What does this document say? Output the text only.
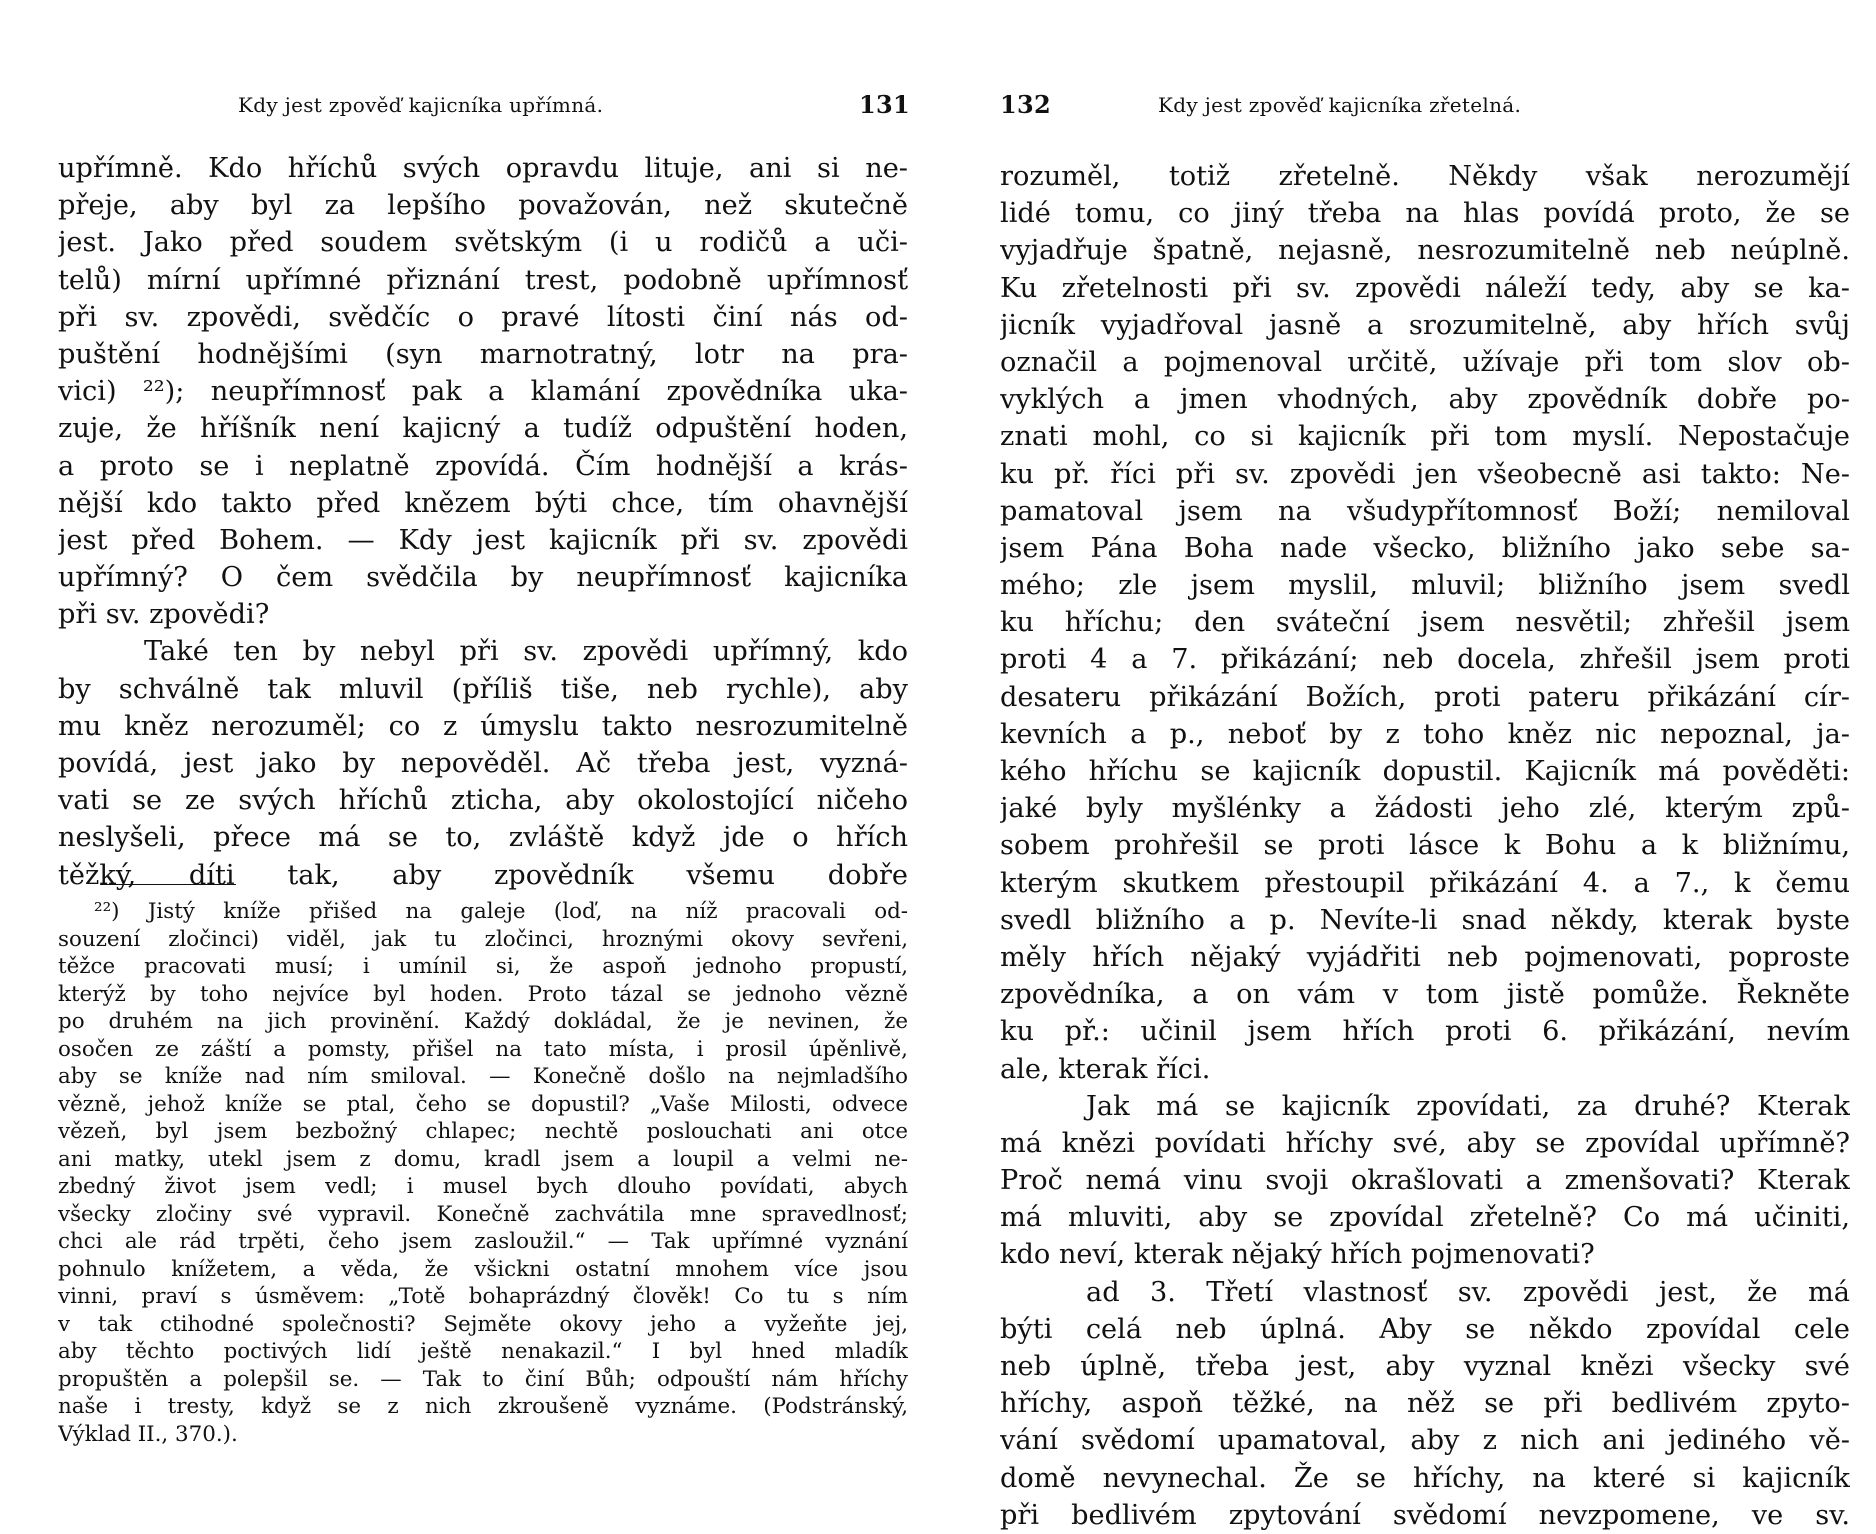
Kdy jest zpověď kajicníka upřímná.	131
upřímně. Kdo hříchů svých opravdu lituje, ani si ne-
přeje, aby byl za lepšího považován, než skutečně
jest. Jako před soudem světským (i u rodičů a uči-
telů) mírní upřímné přiznání trest, podobně upřímnosť
při sv. zpovědi, svědčíc o pravé lítosti činí nás od-
puštění hodnějšími (syn marnotratný, lotr na pra-
vici) ²²); neupřímnosť pak a klamání zpovědníka uka-
zuje, že hříšník není kajicný a tudíž odpuštění hoden,
a proto se i neplatně zpovídá. Čím hodnější a krás-
nější kdo takto před knězem býti chce, tím ohavnější
jest před Bohem. — Kdy jest kajicník při sv. zpovědi
upřímný? O čem svědčila by neupřímnosť kajicníka
při sv. zpovědi?
Také ten by nebyl při sv. zpovědi upřímný, kdo
by schválně tak mluvil (příliš tiše, neb rychle), aby
mu kněz nerozuměl; co z úmyslu takto nesrozumitelně
povídá, jest jako by nepověděl. Ač třeba jest, vyzná-
vati se ze svých hříchů zticha, aby okolostojící ničeho
neslyšeli, přece má se to, zvláště když jde o hřích
těžký, díti tak, aby zpovědník všemu dobře
²²) Jistý kníže přišed na galeje (loď, na níž pracovali od-
souzení zločinci) viděl, jak tu zločinci, hroznými okovy sevřeni,
těžce pracovati musí; i umínil si, že aspoň jednoho propustí,
kterýž by toho nejvíce byl hoden. Proto tázal se jednoho vězně
po druhém na jich provinění. Každý dokládal, že je nevinen, že
osočen ze záští a pomsty, přišel na tato místa, i prosil úpěnlivě,
aby se kníže nad ním smiloval. — Konečně došlo na nejmladšího
vězně, jehož kníže se ptal, čeho se dopustil? „Vaše Milosti, odvece
vězeň, byl jsem bezbožný chlapec; nechtě poslouchati ani otce
ani matky, utekl jsem z domu, kradl jsem a loupil a velmi ne-
zbedný život jsem vedl; i musel bych dlouho povídati, abych
všecky zločiny své vypravil. Konečně zachvátila mne spravedlnosť;
chci ale rád trpěti, čeho jsem zasloužil.“ — Tak upřímné vyznání
pohnulo knížetem, a věda, že všickni ostatní mnohem více jsou
vinni, praví s úsměvem: „Totě bohaprázdný člověk! Co tu s ním
v tak ctihodné společnosti? Sejměte okovy jeho a vyžeňte jej,
aby těchto poctivých lidí ještě nenakazil.“ I byl hned mladík
propuštěn a polepšil se. — Tak to činí Bůh; odpouští nám hříchy
naše i tresty, když se z nich zkroušeně vyznáme. (Podstránský,
Výklad II., 370.).
132	Kdy jest zpověď kajicníka zřetelná.
rozuměl, totiž zřetelně. Někdy však nerozumějí
lidé tomu, co jiný třeba na hlas povídá proto, že se
vyjadřuje špatně, nejasně, nesrozumitelně neb neúplně.
Ku zřetelnosti při sv. zpovědi náleží tedy, aby se ka-
jicník vyjadřoval jasně a srozumitelně, aby hřích svůj
označil a pojmenoval určitě, užívaje při tom slov ob-
vyklých a jmen vhodných, aby zpovědník dobře po-
znati mohl, co si kajicník při tom myslí. Nepostačuje
ku př. říci při sv. zpovědi jen všeobecně asi takto: Ne-
pamatoval jsem na všudypřítomnosť Boží; nemiloval
jsem Pána Boha nade všecko, bližního jako sebe sa-
mého; zle jsem myslil, mluvil; bližního jsem svedl
ku hříchu; den sváteční jsem nesvětil; zhřešil jsem
proti 4 a 7. přikázání; neb docela, zhřešil jsem proti
desateru přikázání Božích, proti pateru přikázání cír-
kevních a p., neboť by z toho kněz nic nepoznal, ja-
kého hříchu se kajicník dopustil. Kajicník má pověděti:
jaké byly myšlénky a žádosti jeho zlé, kterým způ-
sobem prohřešil se proti lásce k Bohu a k bližnímu,
kterým skutkem přestoupil přikázání 4. a 7., k čemu
svedl bližního a p. Nevíte-li snad někdy, kterak byste
měly hřích nějaký vyjádřiti neb pojmenovati, poproste
zpovědníka, a on vám v tom jistě pomůže. Řekněte
ku př.: učinil jsem hřích proti 6. přikázání, nevím
ale, kterak říci.
Jak má se kajicník zpovídati, za druhé? Kterak
má knězi povídati hříchy své, aby se zpovídal upřímně?
Proč nemá vinu svoji okrašlovati a zmenšovati? Kterak
má mluviti, aby se zpovídal zřetelně? Co má učiniti,
kdo neví, kterak nějaký hřích pojmenovati?
ad 3. Třetí vlastnosť sv. zpovědi jest, že má
býti celá neb úplná. Aby se někdo zpovídal cele
neb úplně, třeba jest, aby vyznal knězi všecky své
hříchy, aspoň těžké, na něž se při bedlivém zpyto-
vání svědomí upamatoval, aby z nich ani jediného vě-
domě nevynechal. Že se hříchy, na které si kajicník
při bedlivém zpytování svědomí nevzpomene, ve sv.
